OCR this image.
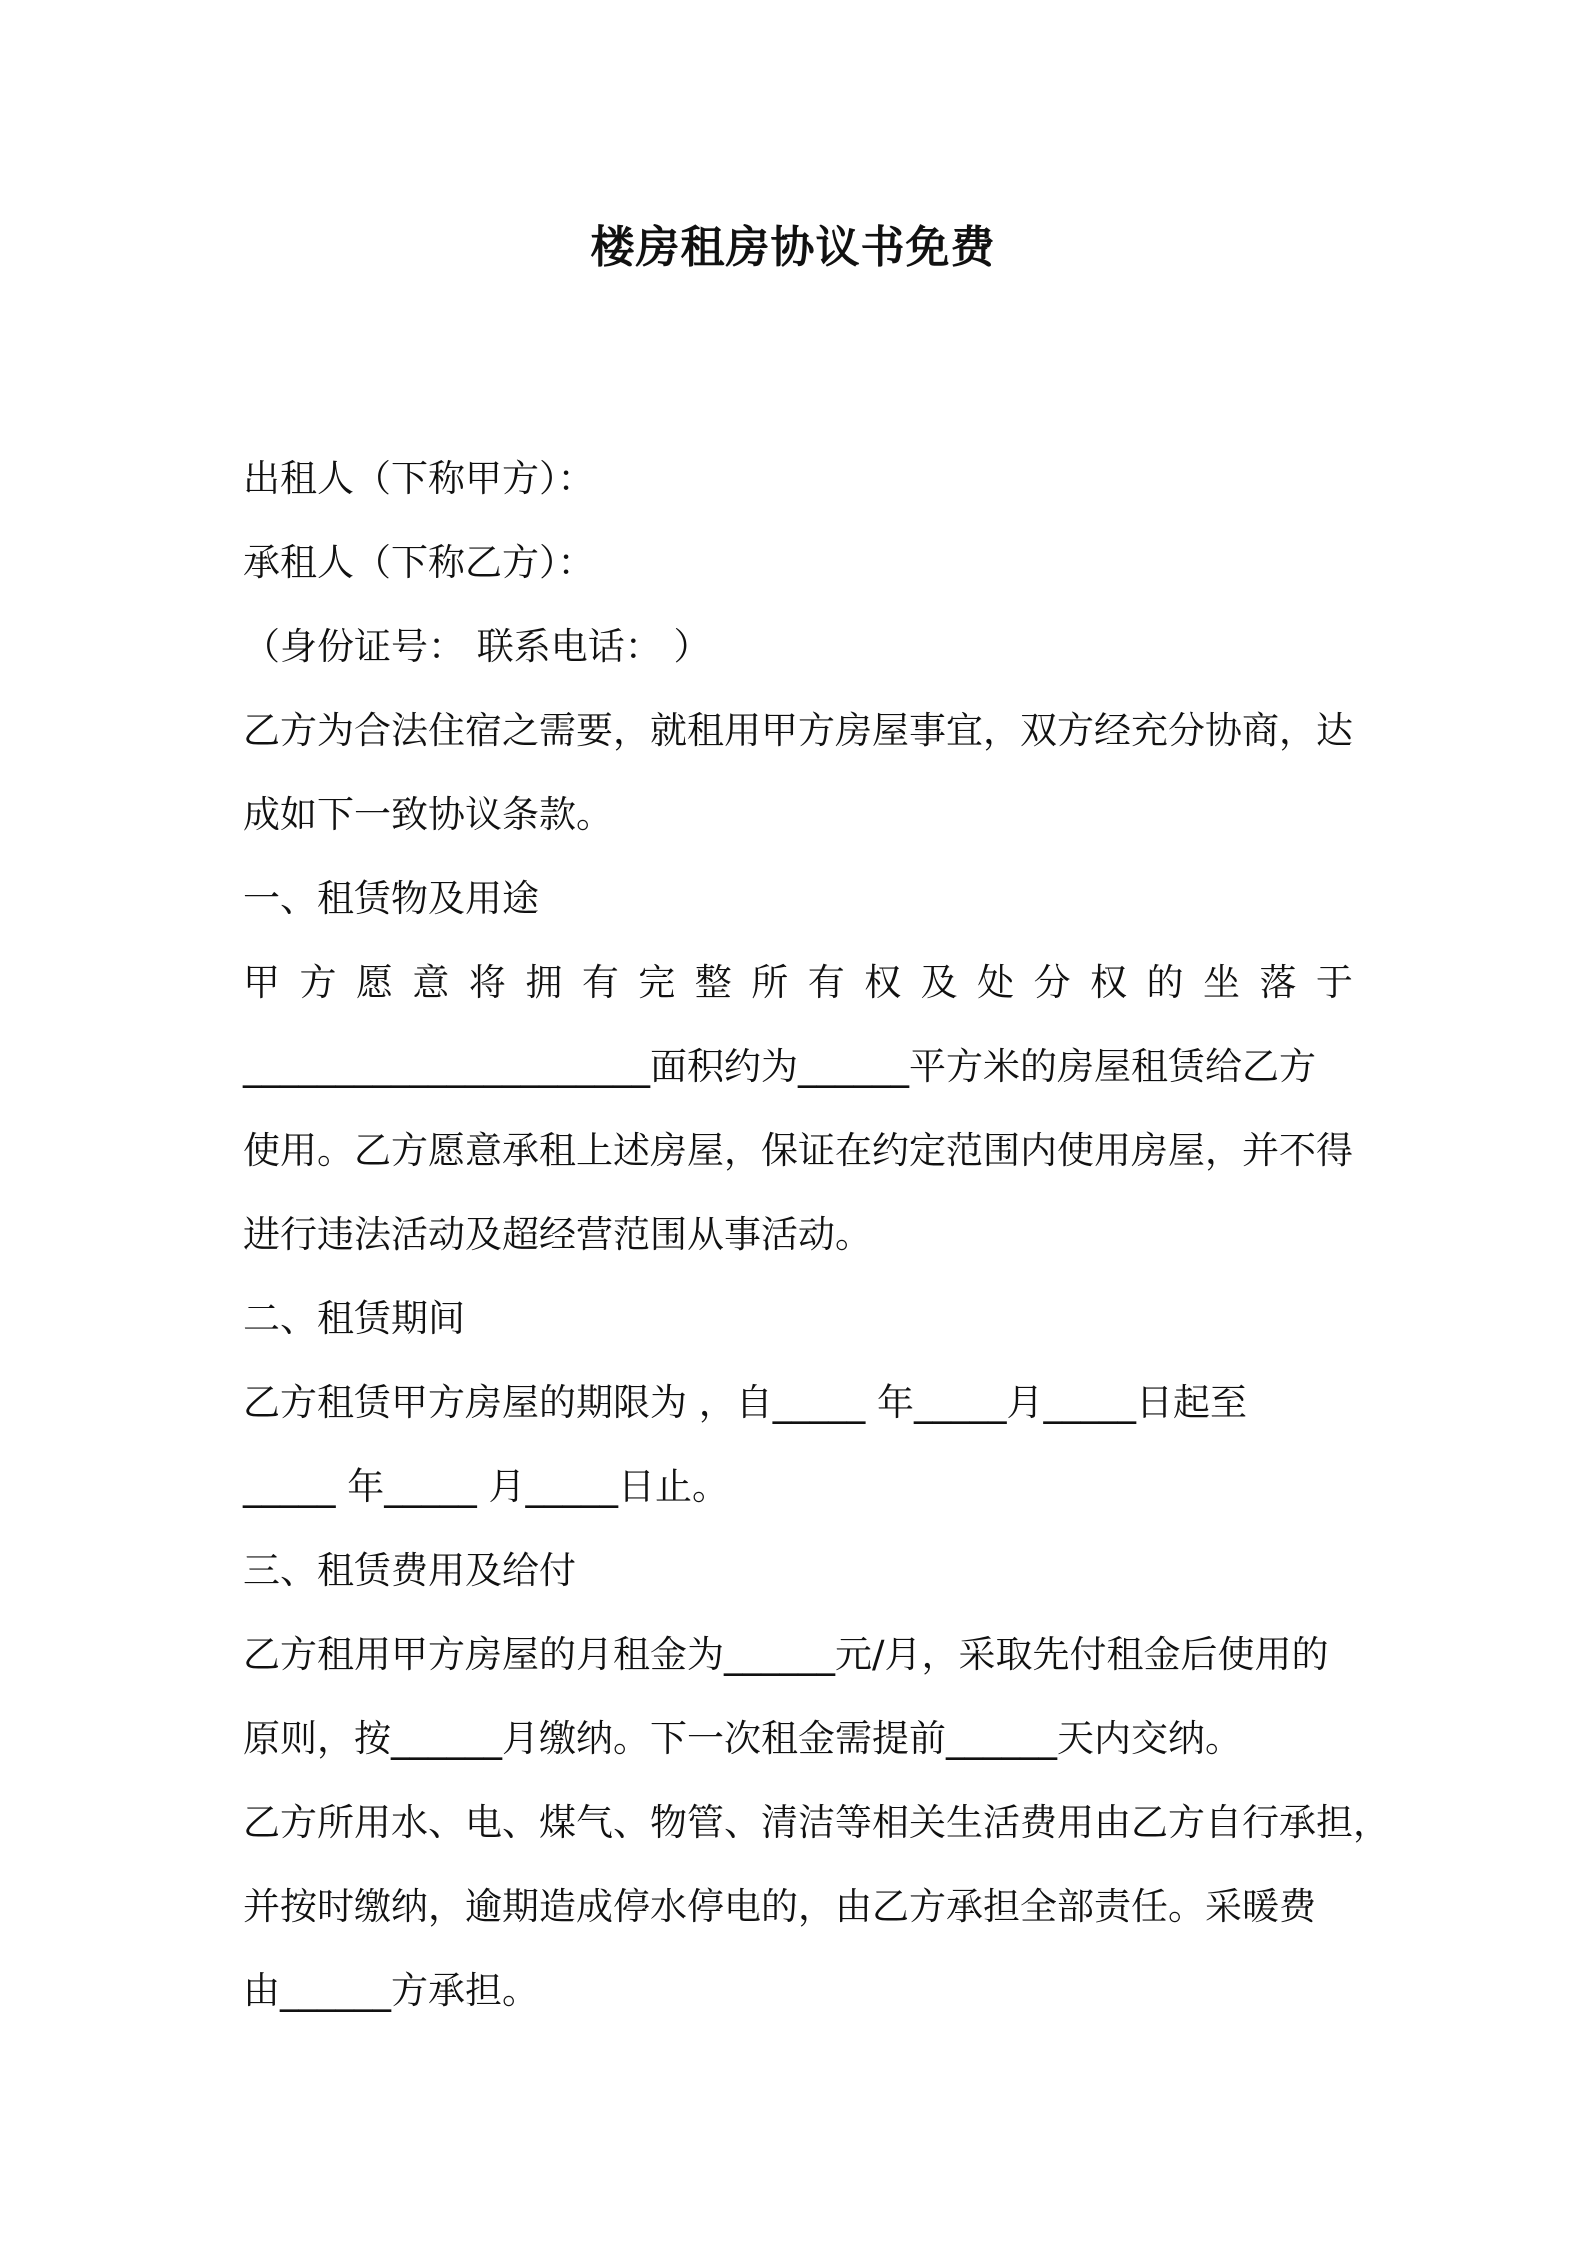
楼房租房协议书免费
出租人（下称甲方）：
承租人（下称乙方）：
（身份证号： 联系电话： ）
乙方为合法住宿之需要，就租用甲方房屋事宜，双方经充分协商，达
成如下一致协议条款。
一、租赁物及用途
甲 方 愿 意 将 拥 有 完 整 所 有 权 及 处 分 权 的 坐 落 于
______________________面积约为______平方米的房屋租赁给乙方
使用。乙方愿意承租上述房屋，保证在约定范围内使用房屋，并不得
进行违法活动及超经营范围从事活动。
二、租赁期间
乙方租赁甲方房屋的期限为 ，自_____ 年_____月_____日起至
_____ 年_____ 月_____日止。
三、租赁费用及给付
乙方租用甲方房屋的月租金为______元/月，采取先付租金后使用的
原则，按______月缴纳。下一次租金需提前______天内交纳。
乙方所用水、电、煤气、物管、清洁等相关生活费用由乙方自行承担，
并按时缴纳，逾期造成停水停电的，由乙方承担全部责任。采暖费
由______方承担。
